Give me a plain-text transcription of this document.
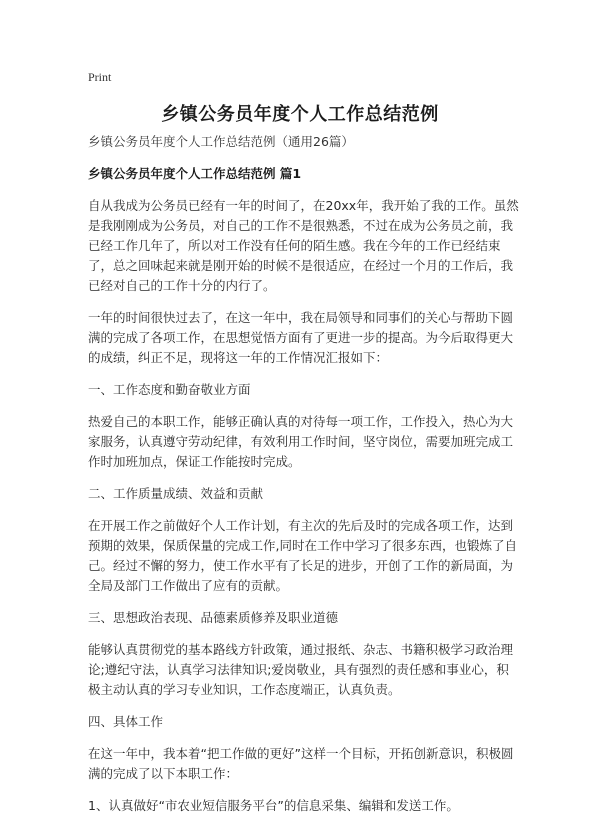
Print
乡镇公务员年度个人工作总结范例

乡镇公务员年度个人工作总结范例（通用26篇）

乡镇公务员年度个人工作总结范例 篇1

自从我成为公务员已经有一年的时间了，在20xx年，我开始了我的工作。虽然是我刚刚成为公务员，对自己的工作不是很熟悉，不过在成为公务员之前，我已经工作几年了，所以对工作没有任何的陌生感。我在今年的工作已经结束了，总之回味起来就是刚开始的时候不是很适应，在经过一个月的工作后，我已经对自己的工作十分的内行了。

一年的时间很快过去了，在这一年中，我在局领导和同事们的关心与帮助下圆满的完成了各项工作，在思想觉悟方面有了更进一步的提高。为今后取得更大的成绩，纠正不足，现将这一年的工作情况汇报如下：

一、工作态度和勤奋敬业方面

热爱自己的本职工作，能够正确认真的对待每一项工作，工作投入，热心为大家服务，认真遵守劳动纪律，有效利用工作时间，坚守岗位，需要加班完成工作时加班加点，保证工作能按时完成。

二、工作质量成绩、效益和贡献

在开展工作之前做好个人工作计划，有主次的先后及时的完成各项工作，达到预期的效果，保质保量的完成工作,同时在工作中学习了很多东西，也锻炼了自己。经过不懈的努力，使工作水平有了长足的进步，开创了工作的新局面，为全局及部门工作做出了应有的贡献。

三、思想政治表现、品德素质修养及职业道德

能够认真贯彻党的基本路线方针政策，通过报纸、杂志、书籍积极学习政治理论;遵纪守法，认真学习法律知识;爱岗敬业，具有强烈的责任感和事业心，积极主动认真的学习专业知识，工作态度端正，认真负责。

四、具体工作

在这一年中，我本着“把工作做的更好”这样一个目标，开拓创新意识，积极圆满的完成了以下本职工作：

1、认真做好“市农业短信服务平台”的信息采集、编辑和发送工作。
